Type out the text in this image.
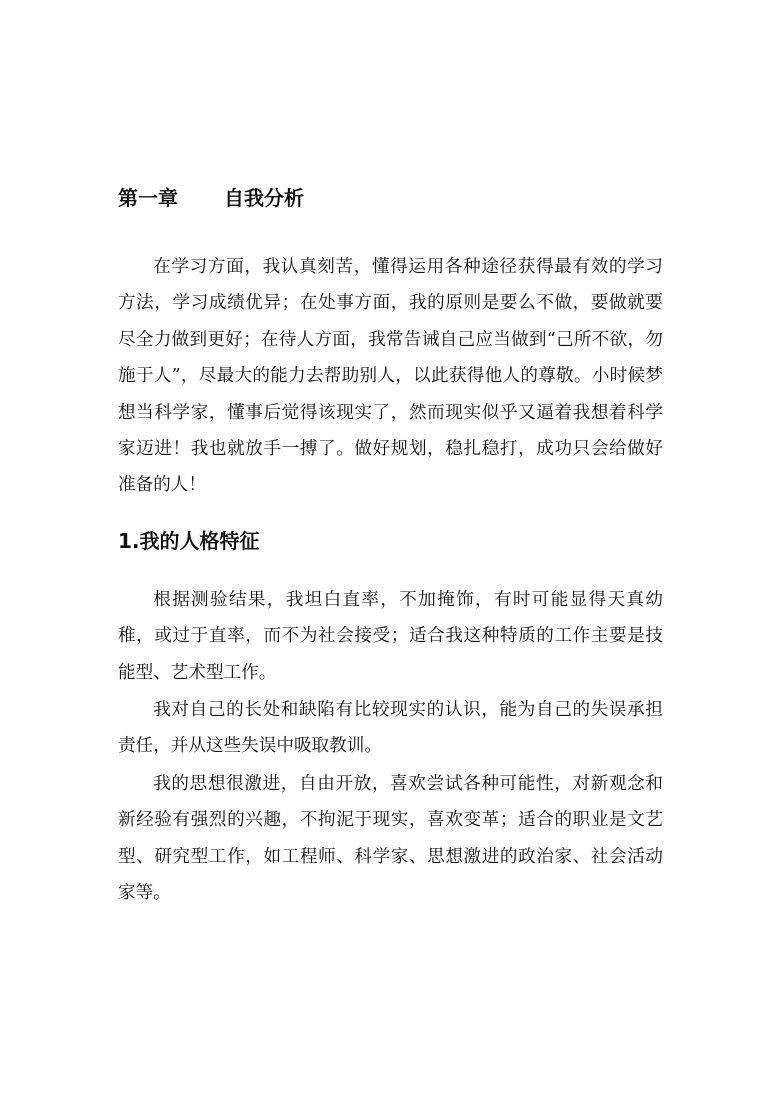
第一章 自我分析

在学习方面，我认真刻苦，懂得运用各种途径获得最有效的学习方法，学习成绩优异；在处事方面，我的原则是要么不做，要做就要尽全力做到更好；在待人方面，我常告诫自己应当做到“己所不欲，勿施于人”，尽最大的能力去帮助别人，以此获得他人的尊敬。小时候梦想当科学家，懂事后觉得该现实了，然而现实似乎又逼着我想着科学家迈进！我也就放手一搏了。做好规划，稳扎稳打，成功只会给做好准备的人！

1.我的人格特征

根据测验结果，我坦白直率，不加掩饰，有时可能显得天真幼稚，或过于直率，而不为社会接受；适合我这种特质的工作主要是技能型、艺术型工作。

我对自己的长处和缺陷有比较现实的认识，能为自己的失误承担责任，并从这些失误中吸取教训。

我的思想很激进，自由开放，喜欢尝试各种可能性，对新观念和新经验有强烈的兴趣，不拘泥于现实，喜欢变革；适合的职业是文艺型、研究型工作，如工程师、科学家、思想激进的政治家、社会活动家等。
